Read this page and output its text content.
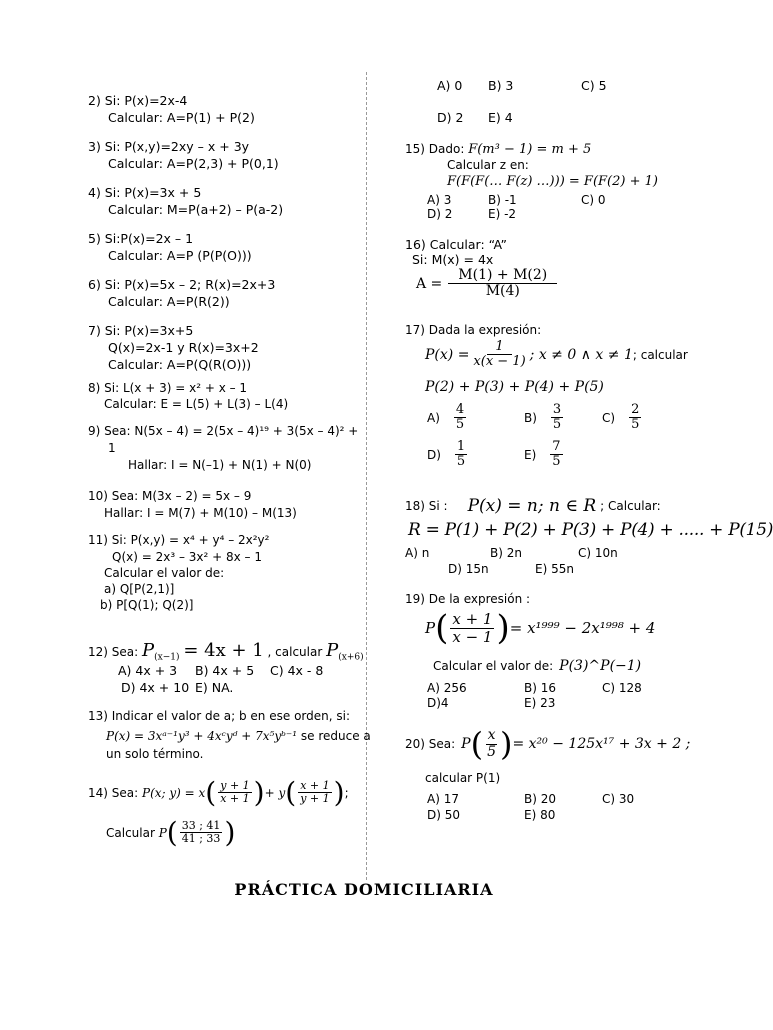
2) Si: P(x)=2x-4
Calcular: A=P(1) + P(2)
3) Si: P(x,y)=2xy – x + 3y
Calcular: A=P(2,3) + P(0,1)
4) Si: P(x)=3x + 5
Calcular: M=P(a+2) – P(a-2)
5) Si:P(x)=2x – 1
Calcular: A=P (P(P(O)))
6) Si: P(x)=5x – 2; R(x)=2x+3
Calcular: A=P(R(2))
7) Si: P(x)=3x+5
Q(x)=2x-1 y R(x)=3x+2
Calcular: A=P(Q(R(O)))
8) Si: L(x + 3) = x² + x – 1
Calcular: E = L(5) + L(3) – L(4)
9) Sea: N(5x – 4) = 2(5x – 4)¹⁹ + 3(5x – 4)² +
1
Hallar: I = N(–1) + N(1) + N(0)
10) Sea: M(3x – 2) = 5x – 9
Hallar: I = M(7) + M(10) – M(13)
11) Si: P(x,y) = x⁴ + y⁴ – 2x²y²
Q(x) = 2x³ – 3x² + 8x – 1
Calcular el valor de:
a) Q[P(2,1)]
b) P[Q(1); Q(2)]
12) Sea: $P_{(x-1)} = 4x + 1$ , calcular $P_{(x+6)}$
A) 4x + 3 B) 4x + 5 C) 4x - 8
D) 4x + 10 E) NA.
13) Indicar el valor de a; b en ese orden, si:
P(x) = 3xᵃ⁻¹y³ + 4xᶜyᵈ + 7x⁵yᵇ⁻¹ se reduce a
un solo término.
14) Sea:
P(x; y) = x ( $\frac{y + 1}{x + 1}$ ) + y ( $\frac{x + 1}{y + 1}$ ) ;
Calcular
P ( $\frac{33 ; 41}{41 ; 33}$ )
A) 0 B) 3	C) 5
D) 2 E) 4
15) Dado: F(m³ − 1) = m + 5
Calcular z en:
F(F(F(… F(z) …))) = F(F(2) + 1)
A) 3	B) -1	C) 0
D) 2	E) -2
16) Calcular: “A”
Si: M(x) = 4x
$A = \frac{M(1) + M(2)}{M(4)}$
17) Dada la expresión:
$P(x) = \frac{1}{x(x - 1)}$ ; x ≠ 0 ∧ x ≠ 1 ; calcular
P(2) + P(3) + P(4) + P(5)
$A) \frac{4}{5}$	$B) \frac{3}{5}$	$C) \frac{2}{5}$
$D) \frac{1}{5}$	$E) \frac{7}{5}$
18) Si : P(x) = n; n ∈ R ; Calcular:
R = P(1) + P(2) + P(3) + P(4) + ..... + P(15)
A) n	B) 2n	C) 10n
D) 15n	E) 55n
19) De la expresión :
P ( $\frac{x + 1}{x - 1}$ ) = x¹⁹⁹⁹ − 2x¹⁹⁹⁸ + 4
Calcular el valor de: P(3)^P(−1)
A) 256	B) 16	C) 128
D)4	E) 23
20) Sea: P ( $\frac{x}{5}$ ) = x²⁰ − 125x¹⁷ + 3x + 2 ;
calcular P(1)
A) 17	B) 20	C) 30
D) 50	E) 80
PRÁCTICA DOMICILIARIA
